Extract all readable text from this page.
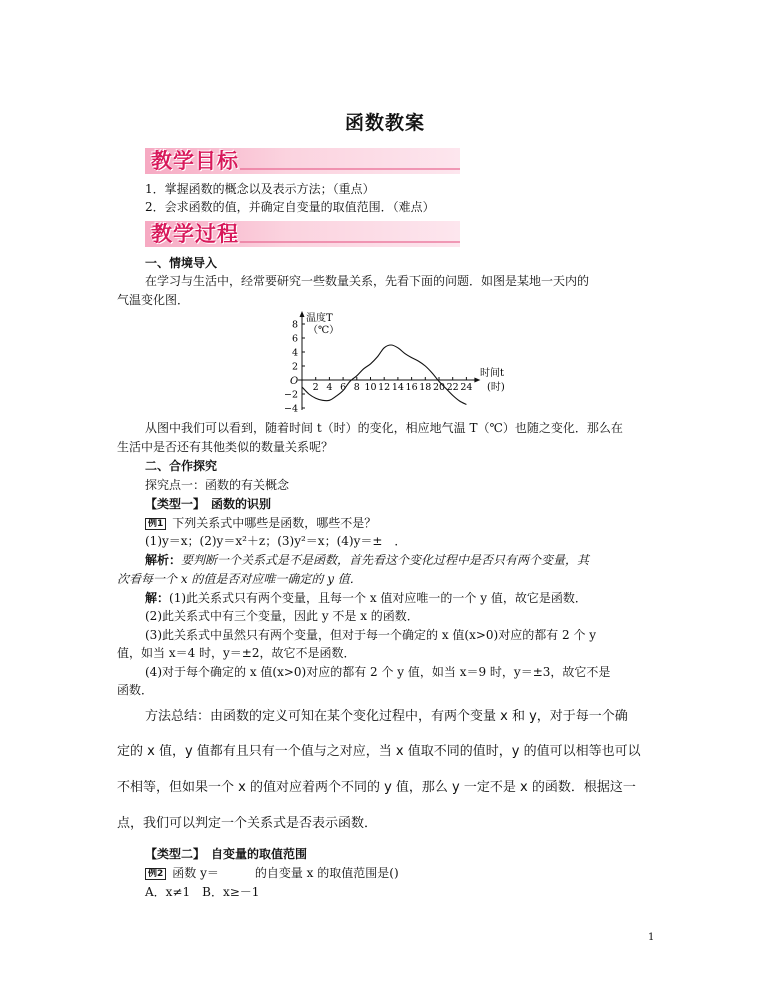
函数教案
教学目标
1．掌握函数的概念以及表示方法；（重点）
2．会求函数的值，并确定自变量的取值范围．（难点）
教学过程
一、情境导入
在学习与生活中，经常要研究一些数量关系，先看下面的问题．如图是某地一天内的
气温变化图．
−4
−2
2
4
6
8
2 4 6 8 10 12 14 16 18 20 22 24
温度T
（℃）
时间t
(时)
O
从图中我们可以看到，随着时间 t（时）的变化，相应地气温 T（℃）也随之变化．那么在
生活中是否还有其他类似的数量关系呢？
二、合作探究
探究点一：函数的有关概念
【类型一】　函数的识别
例1 下列关系式中哪些是函数，哪些不是？
(1)y＝x；(2)y＝x²＋z；(3)y²＝x；(4)y＝±　．
解析：要判断一个关系式是不是函数，首先看这个变化过程中是否只有两个变量，其
次看每一个 x 的值是否对应唯一确定的 y 值．
解：(1)此关系式只有两个变量，且每一个 x 值对应唯一的一个 y 值，故它是函数．
(2)此关系式中有三个变量，因此 y 不是 x 的函数．
(3)此关系式中虽然只有两个变量，但对于每一个确定的 x 值(x>0)对应的都有 2 个 y
值，如当 x＝4 时，y＝±2，故它不是函数．
(4)对于每个确定的 x 值(x>0)对应的都有 2 个 y 值，如当 x＝9 时，y＝±3，故它不是
函数．
方法总结：由函数的定义可知在某个变化过程中，有两个变量 x 和 y，对于每一个确
定的 x 值，y 值都有且只有一个值与之对应，当 x 值取不同的值时，y 的值可以相等也可以
不相等，但如果一个 x 的值对应着两个不同的 y 值，那么 y 一定不是 x 的函数．根据这一
点，我们可以判定一个关系式是否表示函数．
【类型二】　自变量的取值范围
例2 函数 y＝　　　的自变量 x 的取值范围是()
A．x≠1　B．x≥－1
1
